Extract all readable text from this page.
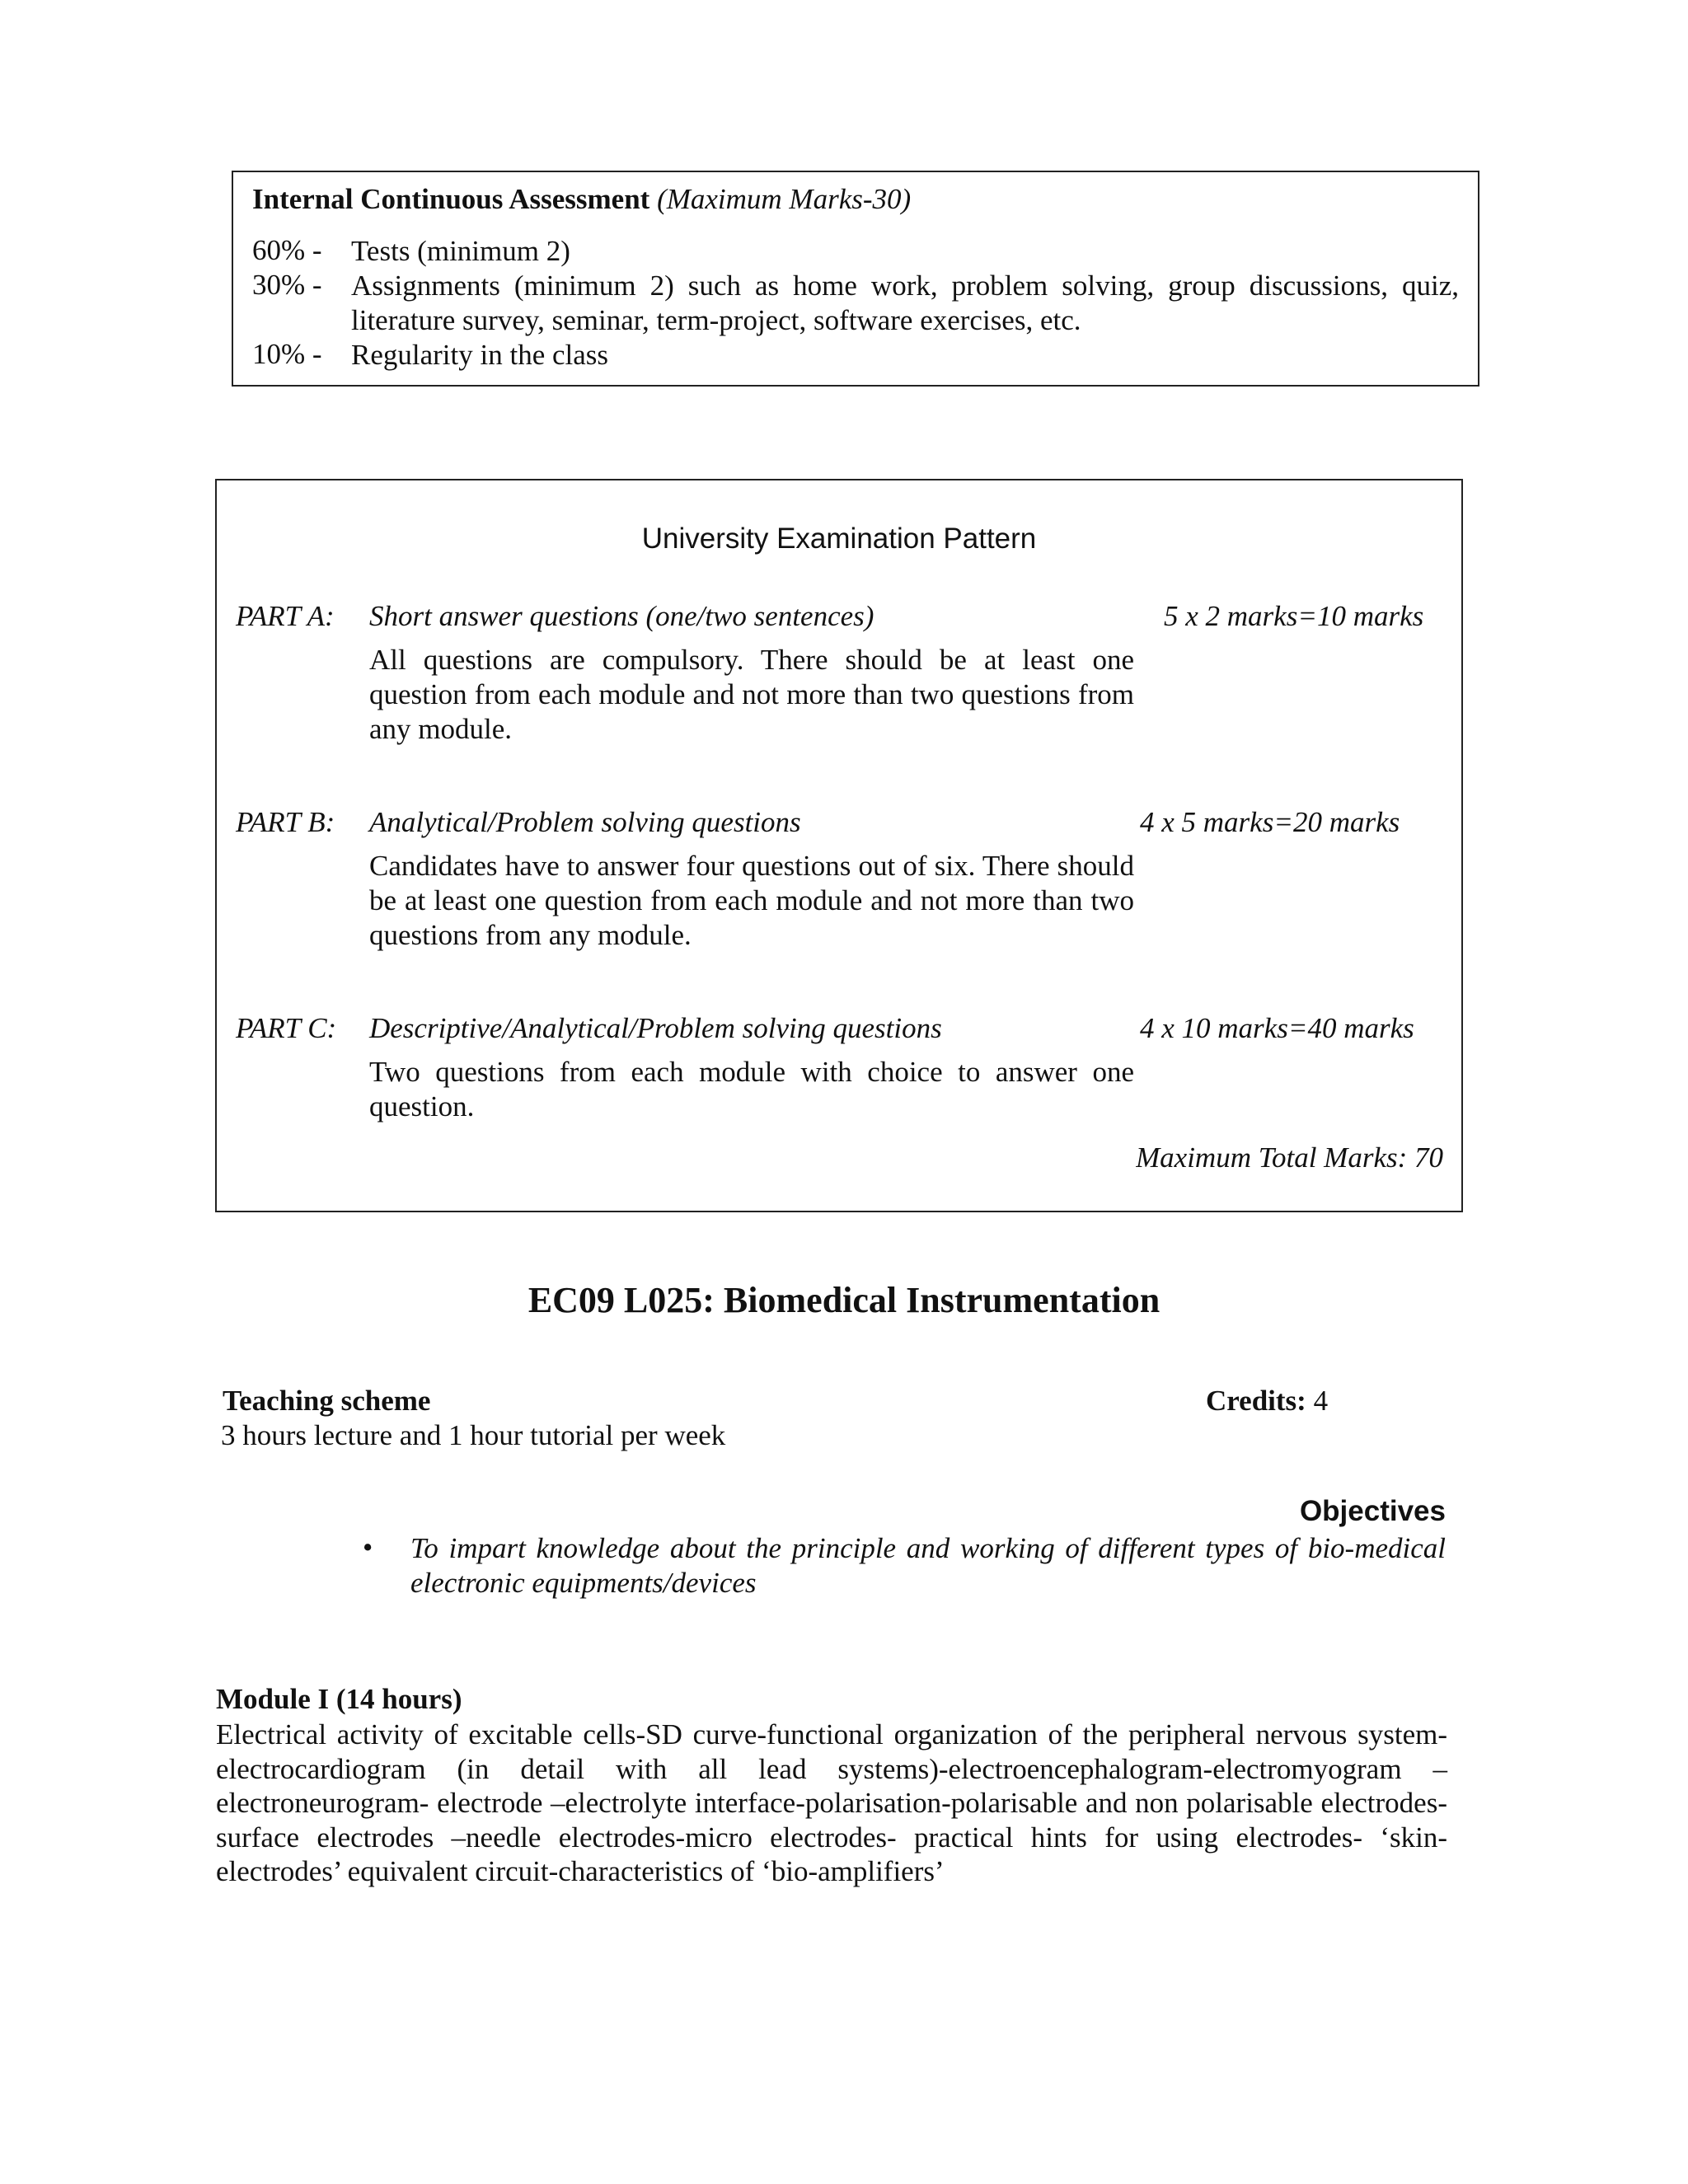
Internal Continuous Assessment (Maximum Marks-30)
60% - Tests (minimum 2)
30% - Assignments (minimum 2) such as home work, problem solving, group discussions, quiz, literature survey, seminar, term-project, software exercises, etc.
10% - Regularity in the class
University Examination Pattern
PART A: Short answer questions (one/two sentences)	5 x 2 marks=10 marks
All questions are compulsory. There should be at least one question from each module and not more than two questions from any module.
PART B: Analytical/Problem solving questions	4 x 5 marks=20 marks
Candidates have to answer four questions out of six. There should be at least one question from each module and not more than two questions from any module.
PART C: Descriptive/Analytical/Problem solving questions	4 x 10 marks=40 marks
Two questions from each module with choice to answer one question.
Maximum Total Marks: 70
EC09 L025: Biomedical Instrumentation
Teaching scheme
3 hours lecture and 1 hour tutorial per week
Credits: 4
Objectives
• To impart knowledge about the principle and working of different types of bio-medical electronic equipments/devices
Module I (14 hours)
Electrical activity of excitable cells-SD curve-functional organization of the peripheral nervous system-electrocardiogram (in detail with all lead systems)-electroencephalogram-electromyogram – electroneurogram- electrode –electrolyte interface-polarisation-polarisable and non polarisable electrodes- surface electrodes –needle electrodes-micro electrodes- practical hints for using electrodes- ‘skin- electrodes’ equivalent circuit-characteristics of ‘bio-amplifiers’
